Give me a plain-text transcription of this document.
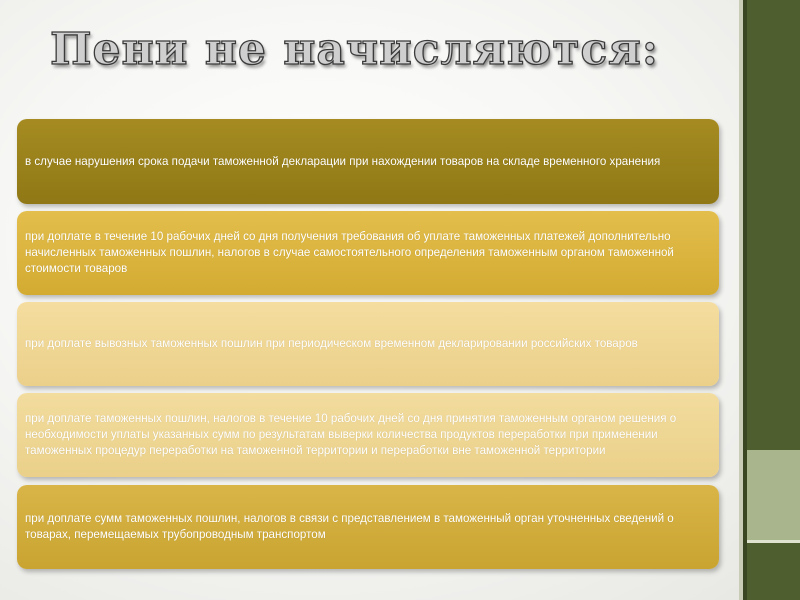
Пени не начисляются:
в случае нарушения срока подачи таможенной декларации при нахождении товаров на складе временного хранения
при доплате в течение 10 рабочих дней со дня получения требования об уплате таможенных платежей дополнительно начисленных таможенных пошлин, налогов в случае самостоятельного определения таможенным органом таможенной стоимости товаров
при доплате вывозных таможенных пошлин при периодическом временном декларировании российских товаров
при доплате таможенных пошлин, налогов в течение 10 рабочих дней со дня принятия таможенным органом решения о необходимости уплаты указанных сумм по результатам выверки количества продуктов переработки при применении таможенных процедур переработки на таможенной территории и переработки вне таможенной территории
при доплате сумм таможенных пошлин, налогов в связи с представлением в таможенный орган уточненных сведений о товарах, перемещаемых трубопроводным транспортом
